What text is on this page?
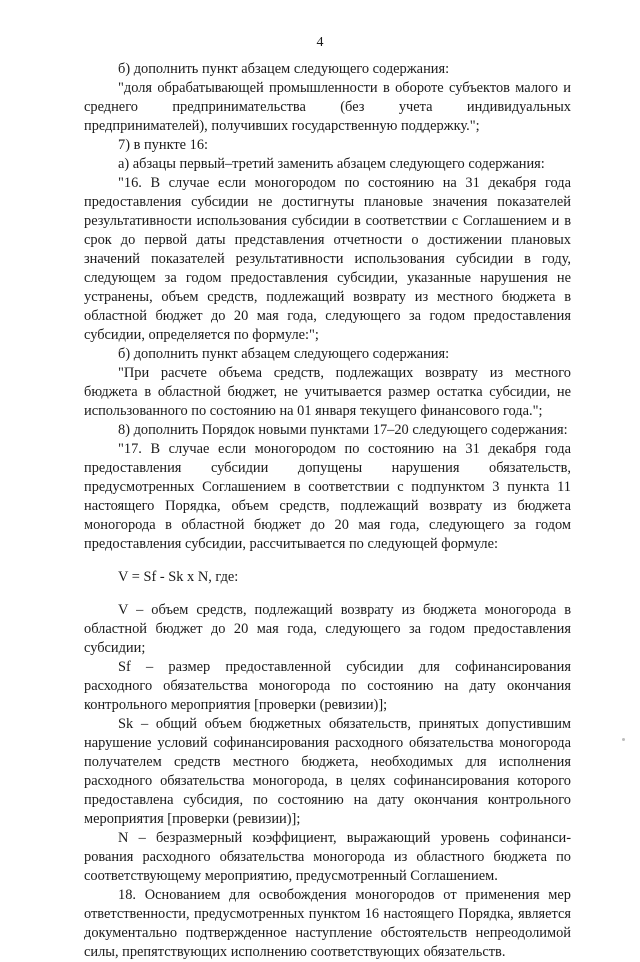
4

б) дополнить пункт абзацем следующего содержания:

"доля обрабатывающей промышленности в обороте субъектов малого и среднего предпринимательства (без учета индивидуальных предпринимателей), получивших государственную поддержку.";

7) в пункте 16:

а) абзацы первый–третий заменить абзацем следующего содержания:

"16. В случае если моногородом по состоянию на 31 декабря года предоставления субсидии не достигнуты плановые значения показателей результативности использования субсидии в соответствии с Соглашением и в срок до первой даты представления отчетности о достижении плановых значений показателей результативности использования субсидии в году, следующем за годом предоставления субсидии, указанные нарушения не устранены, объем средств, подлежащий возврату из местного бюджета в областной бюджет до 20 мая года, следующего за годом предоставления субсидии, определяется по формуле:";

б) дополнить пункт абзацем следующего содержания:

"При расчете объема средств, подлежащих возврату из местного бюджета в областной бюджет, не учитывается размер остатка субсидии, не использованного по состоянию на 01 января текущего финансового года.";

8) дополнить Порядок новыми пунктами 17–20 следующего содержания:

"17. В случае если моногородом по состоянию на 31 декабря года предоставления субсидии допущены нарушения обязательств, предусмотренных Соглашением в соответствии с подпунктом 3 пункта 11 настоящего Порядка, объем средств, подлежащий возврату из бюджета моногорода в областной бюджет до 20 мая года, следующего за годом предоставления субсидии, рассчитывается по следующей формуле:

V = Sf - Sk x N, где:

V – объем средств, подлежащий возврату из бюджета моногорода в областной бюджет до 20 мая года, следующего за годом предоставления субсидии;

Sf – размер предоставленной субсидии для софинансирования расходного обязательства моногорода по состоянию на дату окончания контрольного мероприятия [проверки (ревизии)];

Sk – общий объем бюджетных обязательств, принятых допустившим нарушение условий софинансирования расходного обязательства моногорода получателем средств местного бюджета, необходимых для исполнения расходного обязательства моногорода, в целях софинансирования которого предоставлена субсидия, по состоянию на дату окончания контрольного мероприятия [проверки (ревизии)];

N – безразмерный коэффициент, выражающий уровень софинанси-рования расходного обязательства моногорода из областного бюджета по соответствующему мероприятию, предусмотренный Соглашением.

18. Основанием для освобождения моногородов от применения мер ответственности, предусмотренных пунктом 16 настоящего Порядка, является документально подтвержденное наступление обстоятельств непреодолимой силы, препятствующих исполнению соответствующих обязательств.
